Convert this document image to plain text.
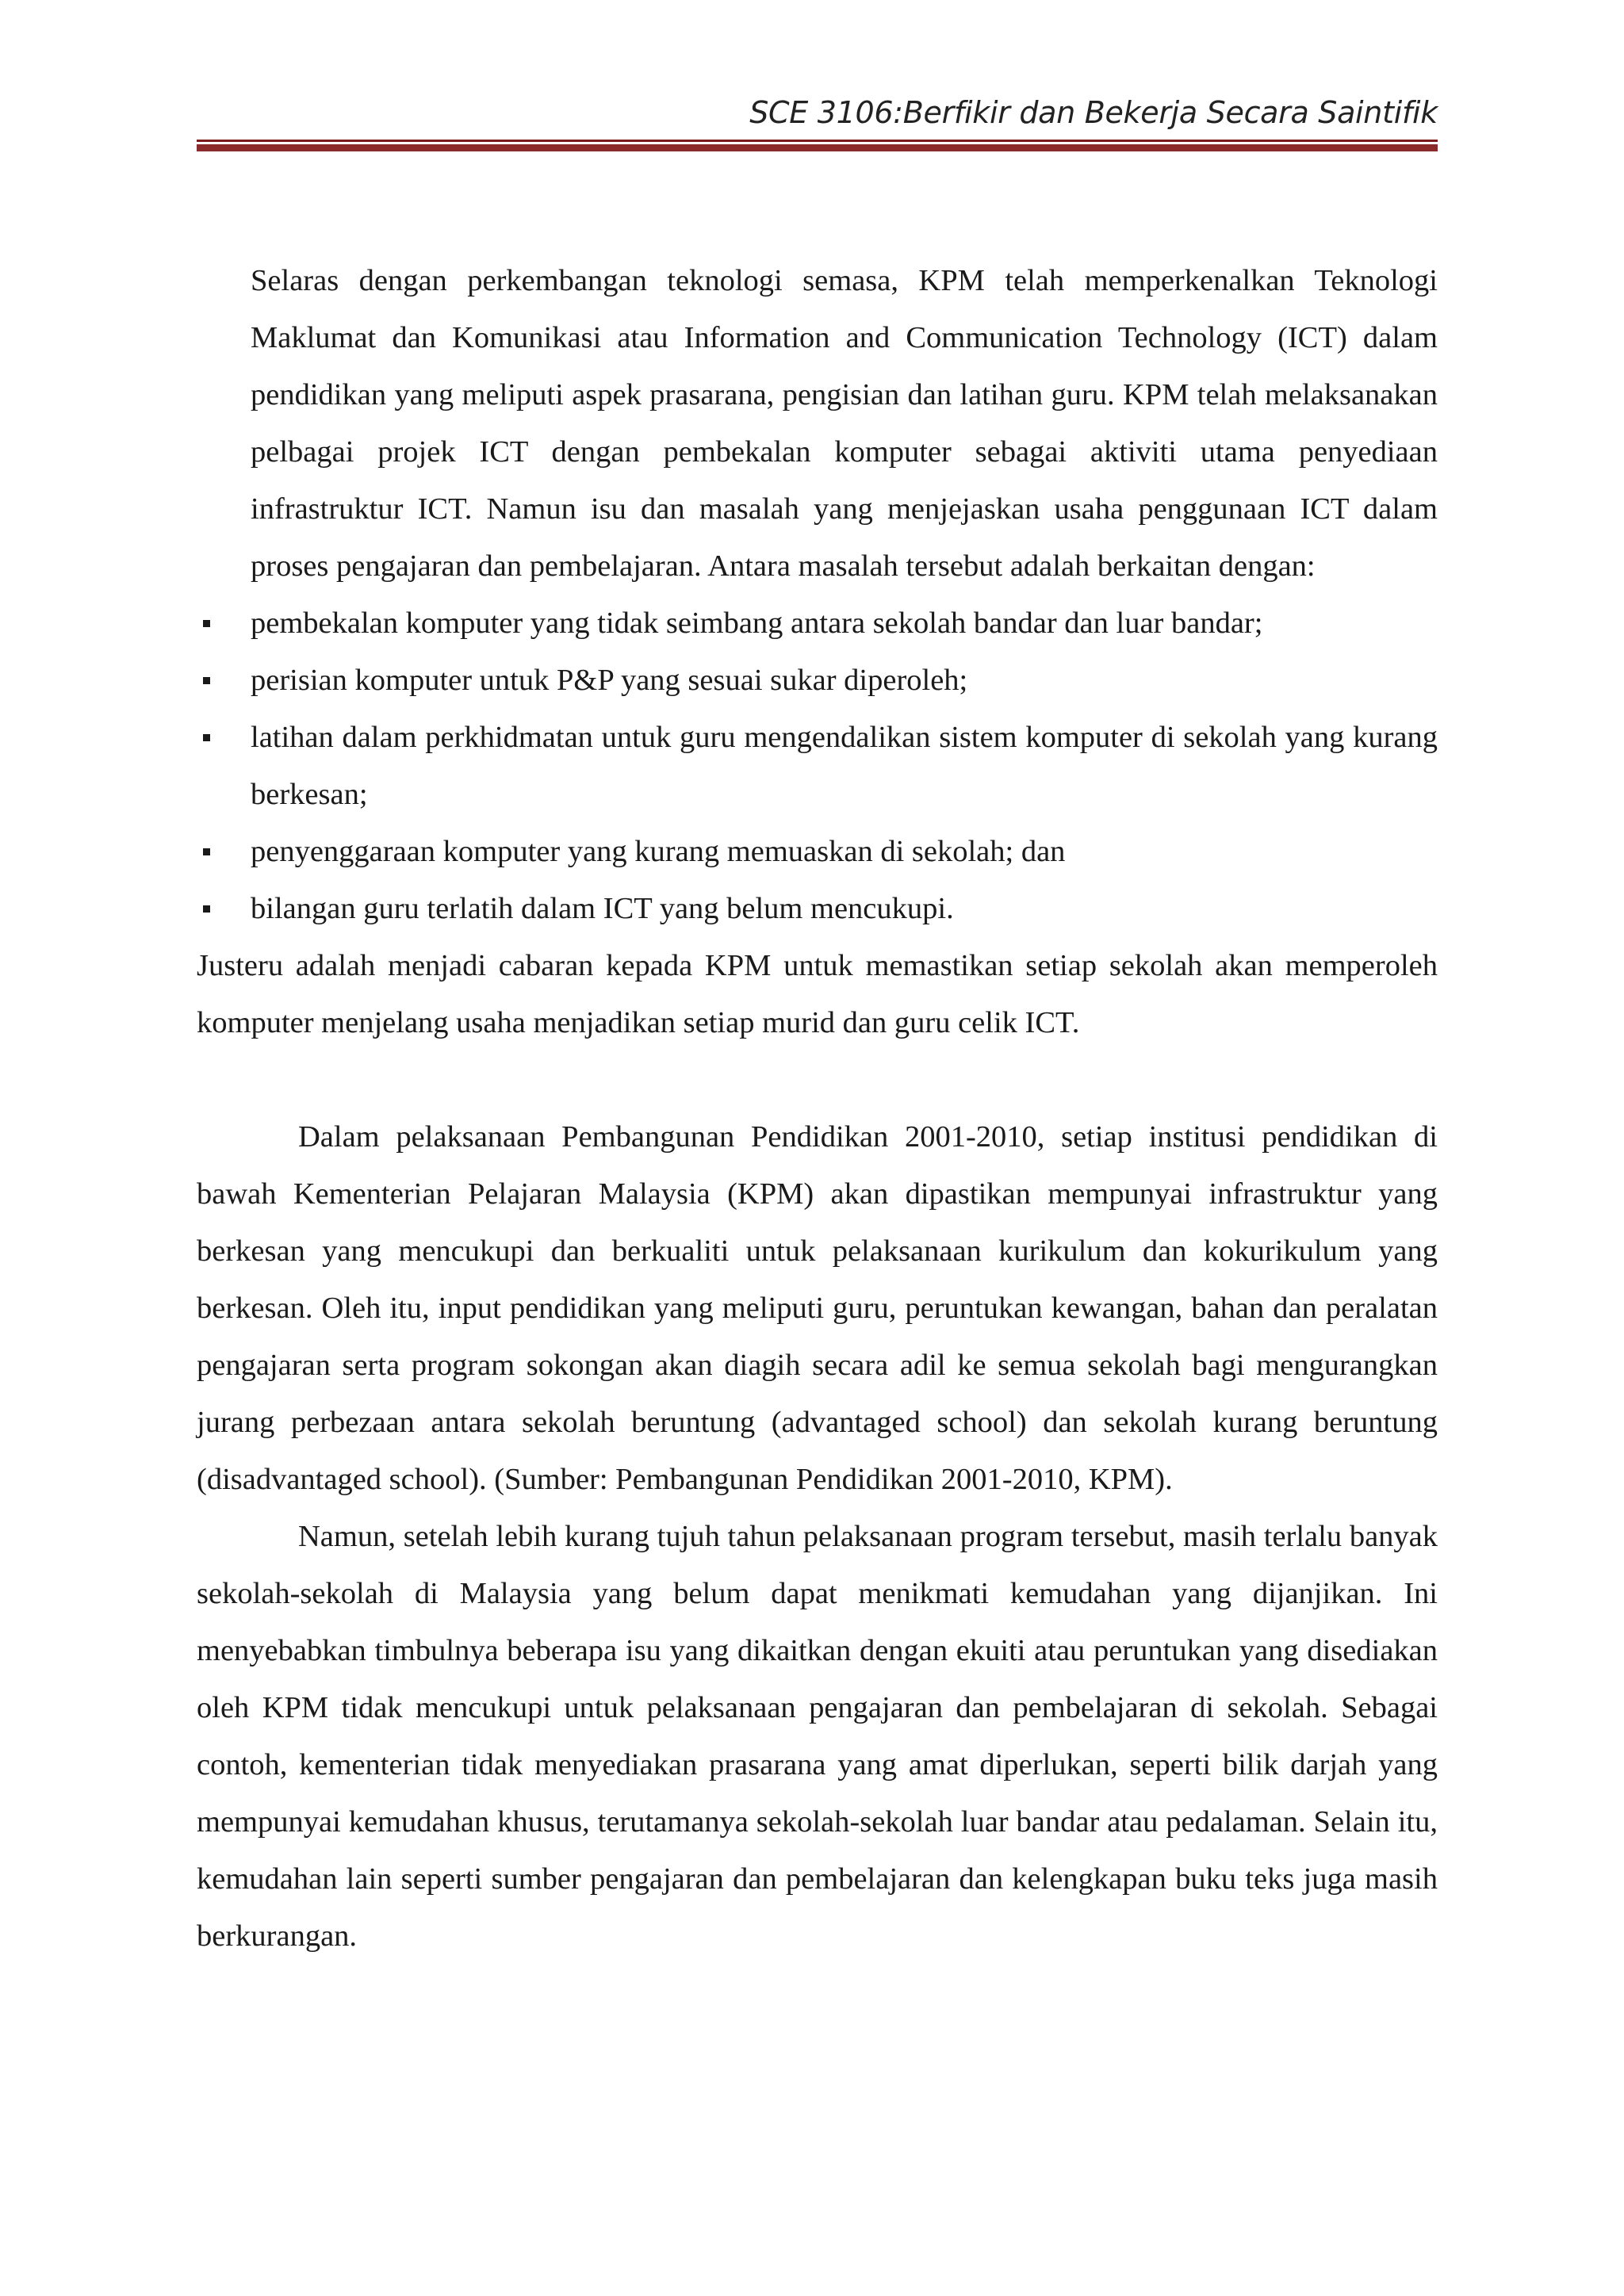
SCE 3106:Berfikir dan Bekerja Secara Saintifik

Selaras dengan perkembangan teknologi semasa, KPM telah memperkenalkan Teknologi Maklumat dan Komunikasi atau Information and Communication Technology (ICT) dalam pendidikan yang meliputi aspek prasarana, pengisian dan latihan guru. KPM telah melaksanakan pelbagai projek ICT dengan pembekalan komputer sebagai aktiviti utama penyediaan infrastruktur ICT. Namun isu dan masalah yang menjejaskan usaha penggunaan ICT dalam proses pengajaran dan pembelajaran. Antara masalah tersebut adalah berkaitan dengan:

pembekalan komputer yang tidak seimbang antara sekolah bandar dan luar bandar;
perisian komputer untuk P&P yang sesuai sukar diperoleh;
latihan dalam perkhidmatan untuk guru mengendalikan sistem komputer di sekolah yang kurang berkesan;
penyenggaraan komputer yang kurang memuaskan di sekolah; dan
bilangan guru terlatih dalam ICT yang belum mencukupi.

Justeru adalah menjadi cabaran kepada KPM untuk memastikan setiap sekolah akan memperoleh komputer menjelang usaha menjadikan setiap murid dan guru celik ICT.

Dalam pelaksanaan Pembangunan Pendidikan 2001-2010, setiap institusi pendidikan di bawah Kementerian Pelajaran Malaysia (KPM) akan dipastikan mempunyai infrastruktur yang berkesan yang mencukupi dan berkualiti untuk pelaksanaan kurikulum dan kokurikulum yang berkesan. Oleh itu, input pendidikan yang meliputi guru, peruntukan kewangan, bahan dan peralatan pengajaran serta program sokongan akan diagih secara adil ke semua sekolah bagi mengurangkan jurang perbezaan antara sekolah beruntung (advantaged school) dan sekolah kurang beruntung (disadvantaged school). (Sumber: Pembangunan Pendidikan 2001-2010, KPM).

Namun, setelah lebih kurang tujuh tahun pelaksanaan program tersebut, masih terlalu banyak sekolah-sekolah di Malaysia yang belum dapat menikmati kemudahan yang dijanjikan. Ini menyebabkan timbulnya beberapa isu yang dikaitkan dengan ekuiti atau peruntukan yang disediakan oleh KPM tidak mencukupi untuk pelaksanaan pengajaran dan pembelajaran di sekolah. Sebagai contoh, kementerian tidak menyediakan prasarana yang amat diperlukan, seperti bilik darjah yang mempunyai kemudahan khusus, terutamanya sekolah-sekolah luar bandar atau pedalaman. Selain itu, kemudahan lain seperti sumber pengajaran dan pembelajaran dan kelengkapan buku teks juga masih berkurangan.
